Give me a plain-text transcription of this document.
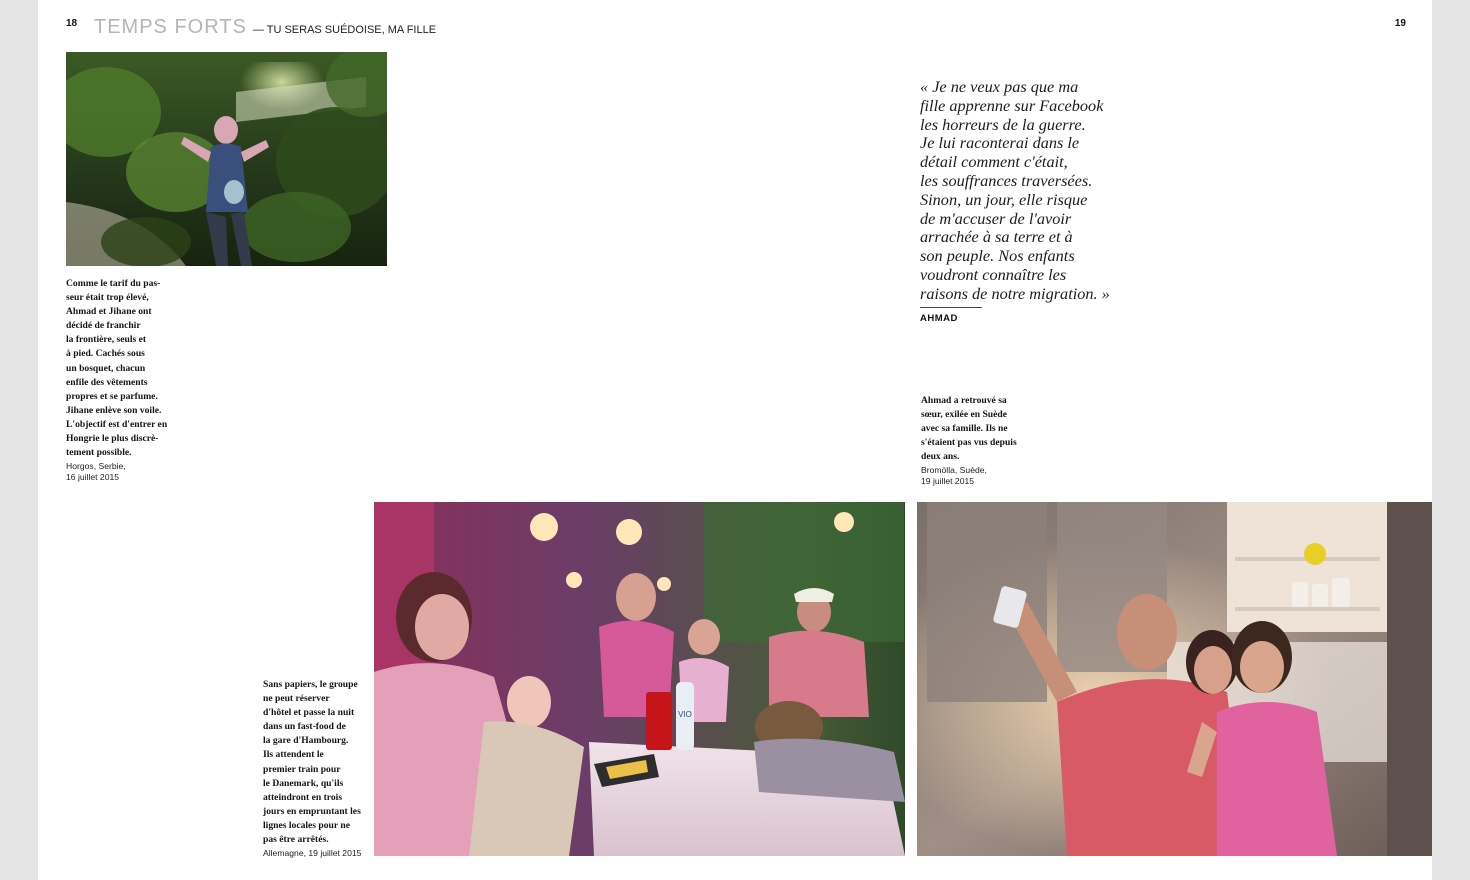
18	19
TEMPS FORTS — TU SERAS SUÉDOISE, MA FILLE
Comme le tarif du pas-
seur était trop élevé,
Ahmad et Jihane ont
décidé de franchir
la frontière, seuls et
à pied. Cachés sous
un bosquet, chacun
enfile des vêtements
propres et se parfume.
Jihane enlève son voile.
L'objectif est d'entrer en
Hongrie le plus discrè-
tement possible.
Horgos, Serbie,
16 juillet 2015
« Je ne veux pas que ma
fille apprenne sur Facebook
les horreurs de la guerre.
Je lui raconterai dans le
détail comment c'était,
les souffrances traversées.
Sinon, un jour, elle risque
de m'accuser de l'avoir
arrachée à sa terre et à
son peuple. Nos enfants
voudront connaître les
raisons de notre migration. »
AHMAD
Ahmad a retrouvé sa
sœur, exilée en Suède
avec sa famille. Ils ne
s'étaient pas vus depuis
deux ans.
Bromölla, Suède,
19 juillet 2015
Sans papiers, le groupe
ne peut réserver
d'hôtel et passe la nuit
dans un fast-food de
la gare d'Hambourg.
Ils attendent le
premier train pour
le Danemark, qu'ils
atteindront en trois
jours en empruntant les
lignes locales pour ne
pas être arrêtés.
Allemagne, 19 juillet 2015
VIO
